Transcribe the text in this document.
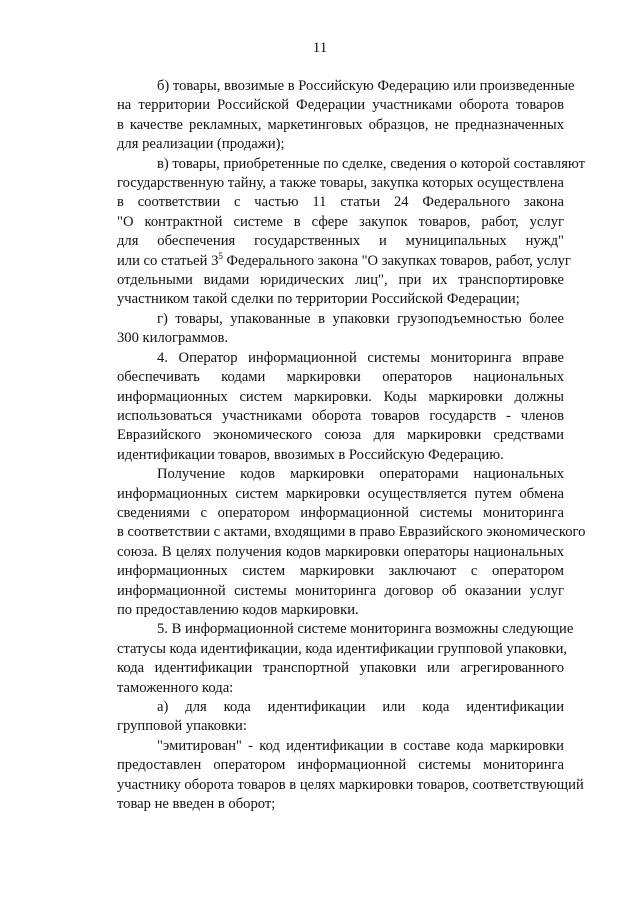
11

б) товары, ввозимые в Российскую Федерацию или произведенные
на территории Российской Федерации участниками оборота товаров
в качестве рекламных, маркетинговых образцов, не предназначенных
для реализации (продажи);

в) товары, приобретенные по сделке, сведения о которой составляют
государственную тайну, а также товары, закупка которых осуществлена
в соответствии с частью 11 статьи 24 Федерального закона
"О контрактной системе в сфере закупок товаров, работ, услуг
для обеспечения государственных и муниципальных нужд"
или со статьей $3^5$ Федерального закона "О закупках товаров, работ, услуг
отдельными видами юридических лиц", при их транспортировке
участником такой сделки по территории Российской Федерации;

г) товары, упакованные в упаковки грузоподъемностью более
300 килограммов.

4. Оператор информационной системы мониторинга вправе
обеспечивать кодами маркировки операторов национальных
информационных систем маркировки. Коды маркировки должны
использоваться участниками оборота товаров государств - членов
Евразийского экономического союза для маркировки средствами
идентификации товаров, ввозимых в Российскую Федерацию.

Получение кодов маркировки операторами национальных
информационных систем маркировки осуществляется путем обмена
сведениями с оператором информационной системы мониторинга
в соответствии с актами, входящими в право Евразийского экономического
союза. В целях получения кодов маркировки операторы национальных
информационных систем маркировки заключают с оператором
информационной системы мониторинга договор об оказании услуг
по предоставлению кодов маркировки.

5. В информационной системе мониторинга возможны следующие
статусы кода идентификации, кода идентификации групповой упаковки,
кода идентификации транспортной упаковки или агрегированного
таможенного кода:

а) для кода идентификации или кода идентификации
групповой упаковки:

"эмитирован" - код идентификации в составе кода маркировки
предоставлен оператором информационной системы мониторинга
участнику оборота товаров в целях маркировки товаров, соответствующий
товар не введен в оборот;
